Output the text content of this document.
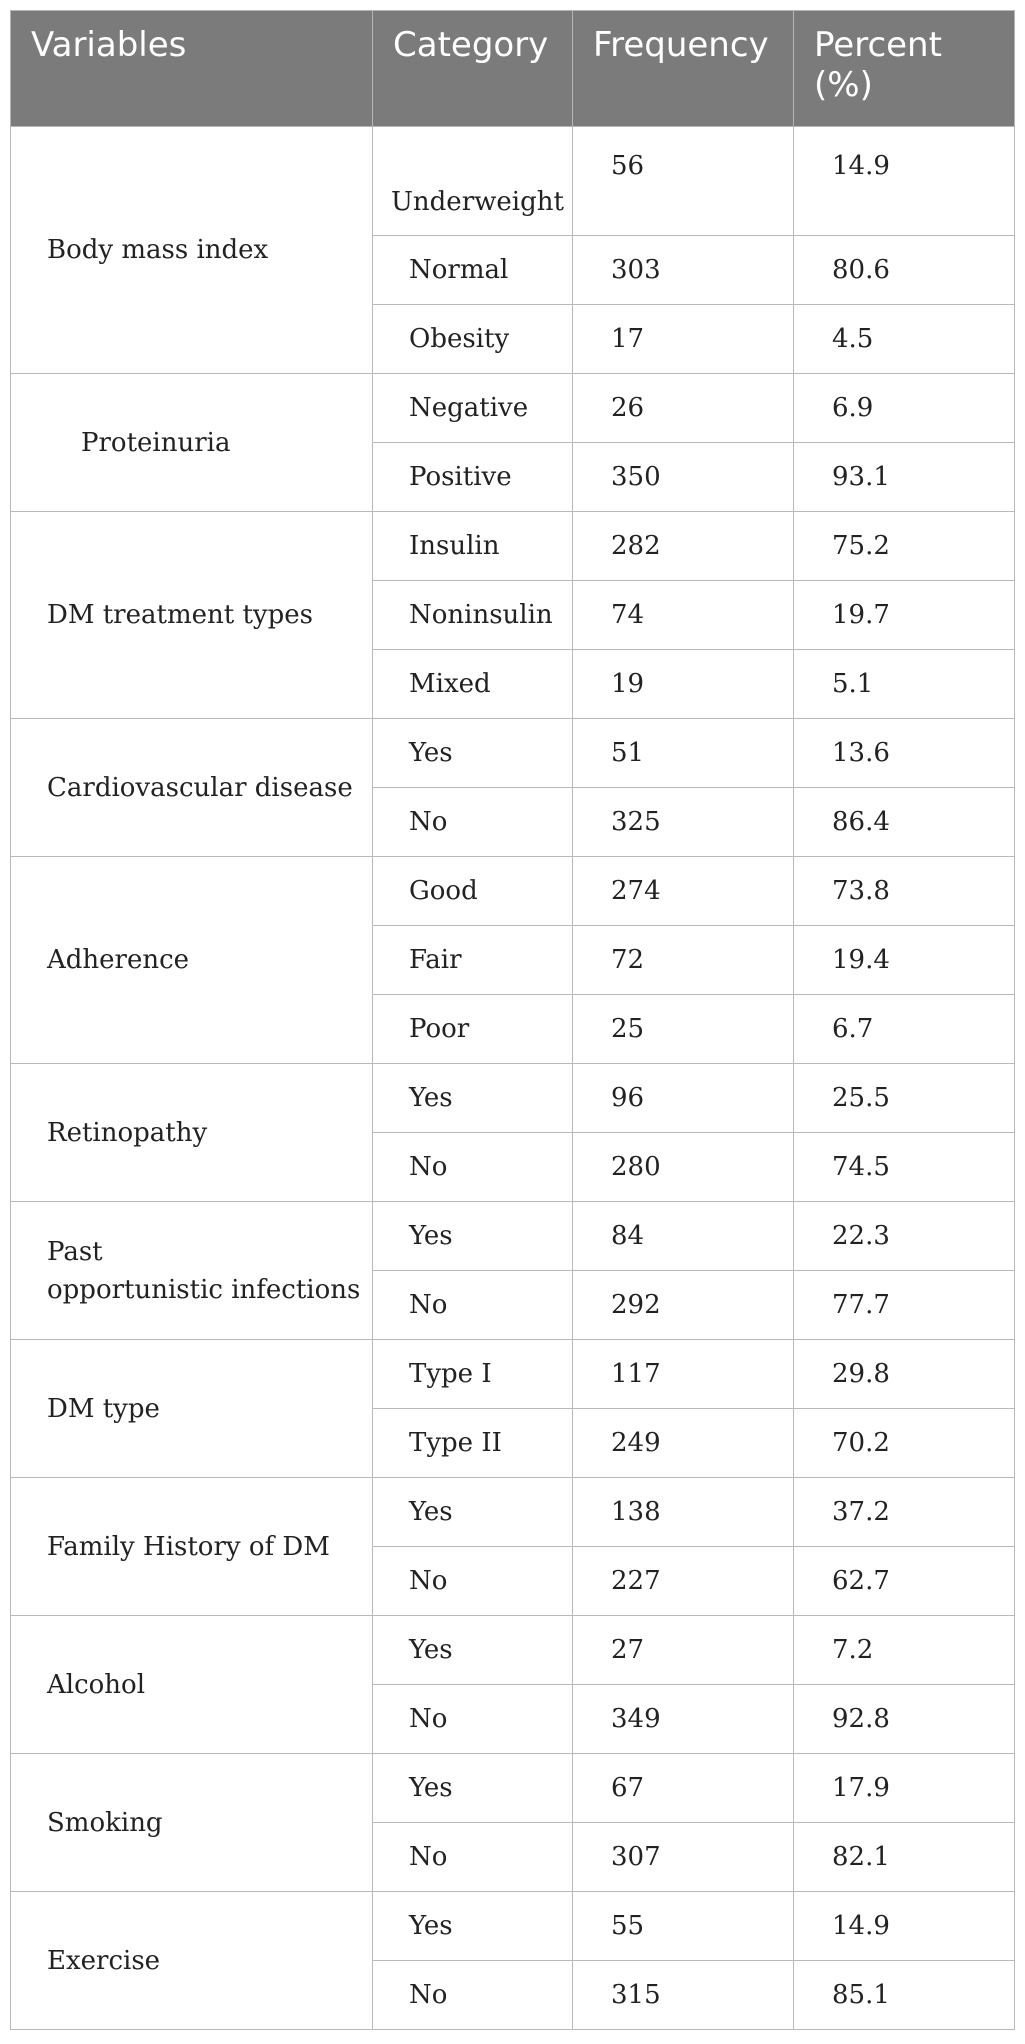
Variables	Category	Frequency	Percent (%)
Body mass index	Underweight	56	14.9
	Normal	303	80.6
	Obesity	17	4.5
Proteinuria	Negative	26	6.9
	Positive	350	93.1
DM treatment types	Insulin	282	75.2
	Noninsulin	74	19.7
	Mixed	19	5.1
Cardiovascular disease	Yes	51	13.6
	No	325	86.4
Adherence	Good	274	73.8
	Fair	72	19.4
	Poor	25	6.7
Retinopathy	Yes	96	25.5
	No	280	74.5
Past
opportunistic infections	Yes	84	22.3
	No	292	77.7
DM type	Type I	117	29.8
	Type II	249	70.2
Family History of DM	Yes	138	37.2
	No	227	62.7
Alcohol	Yes	27	7.2
	No	349	92.8
Smoking	Yes	67	17.9
	No	307	82.1
Exercise	Yes	55	14.9
	No	315	85.1
